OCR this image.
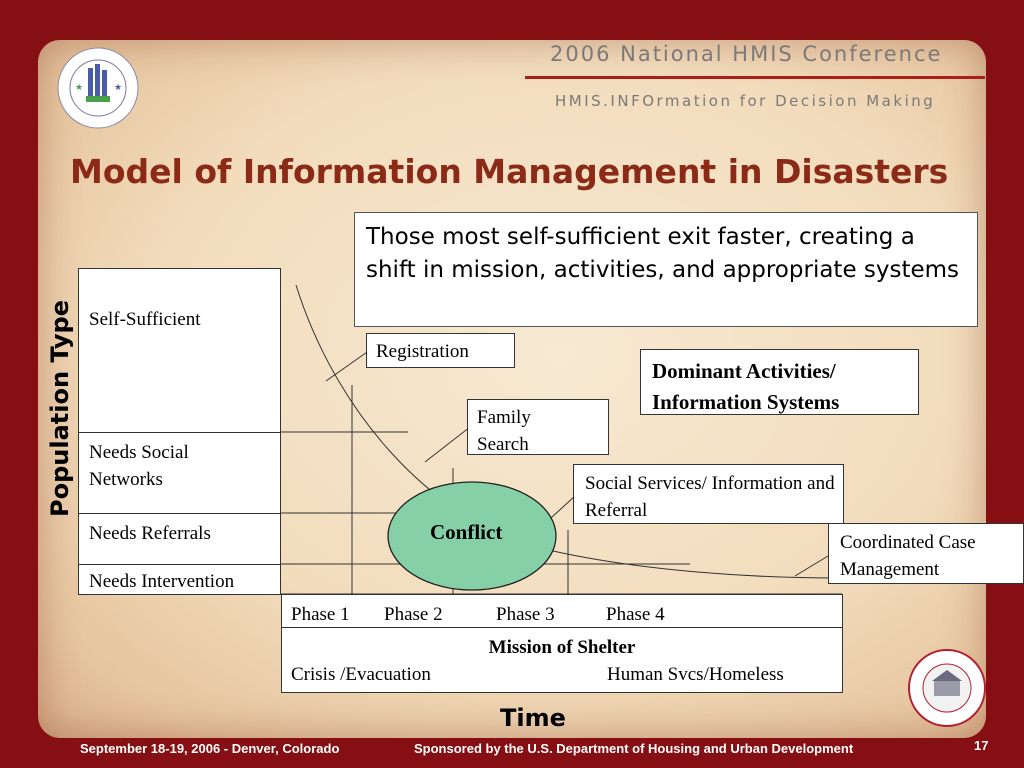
★	★

2006 National HMIS Conference

HMIS.INFOrmation for Decision Making

Model of Information Management in Disasters

Those most self-sufficient exit faster, creating a shift in mission, activities, and appropriate systems

Self-Sufficient

Needs Social Networks

Needs Referrals

Needs Intervention

Population Type

Conflict

Registration

Family Search

Dominant Activities/ Information Systems

Social Services/ Information and Referral

Coordinated Case Management

Phase 1 Phase 2	Phase 3	Phase 4

Mission of Shelter

Crisis /Evacuation	Human Svcs/Homeless

Time

September 18-19, 2006 - Denver, Colorado	Sponsored by the U.S. Department of Housing and Urban Development	17
